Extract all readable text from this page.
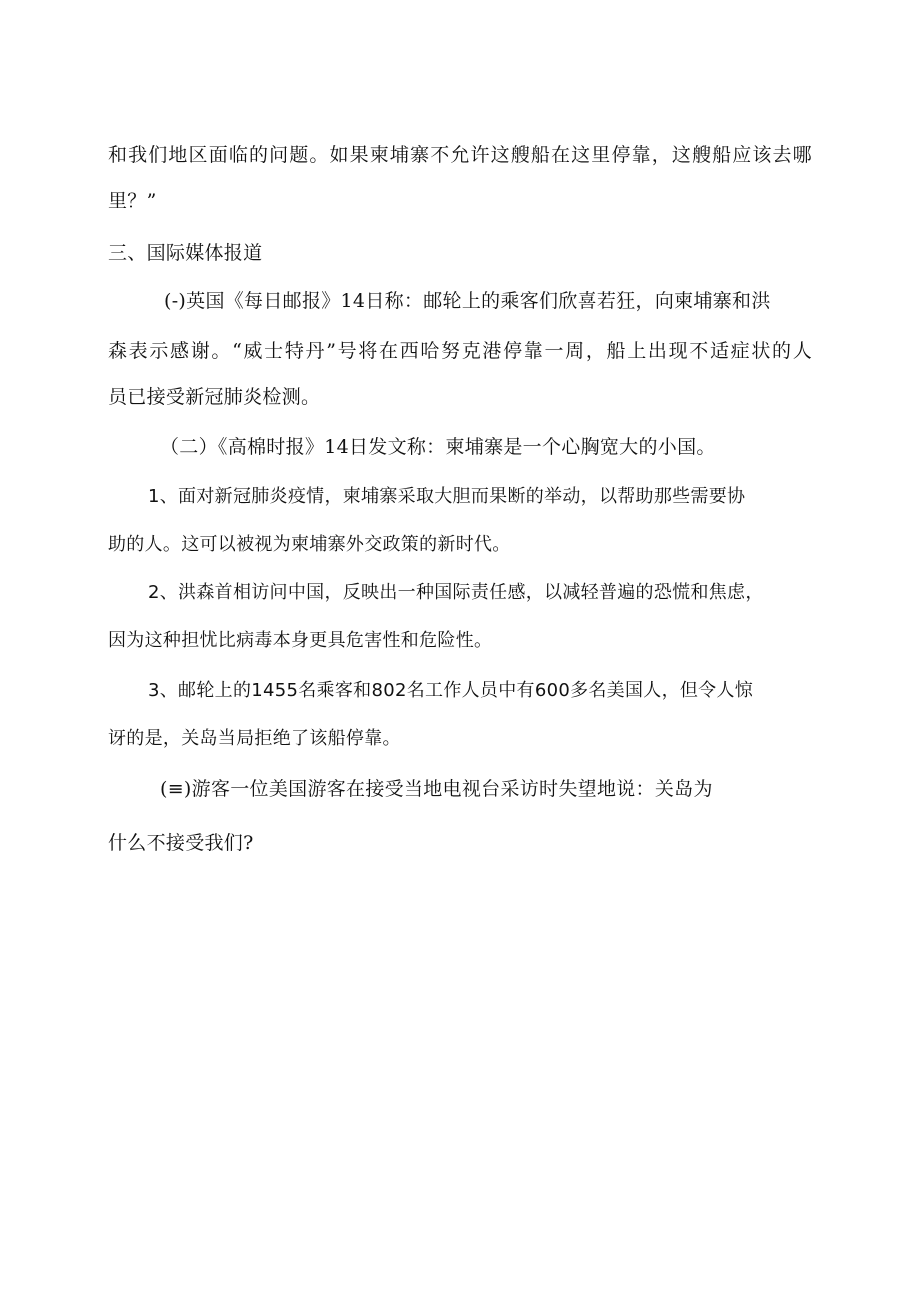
和我们地区面临的问题。如果柬埔寨不允许这艘船在这里停靠，这艘船应该去哪
里？”
三、国际媒体报道
(-)英国《每日邮报》14日称：邮轮上的乘客们欣喜若狂，向柬埔寨和洪
森表示感谢。“威士特丹”号将在西哈努克港停靠一周，船上出现不适症状的人
员已接受新冠肺炎检测。
（二）《高棉时报》14日发文称：柬埔寨是一个心胸宽大的小国。
1、面对新冠肺炎疫情，柬埔寨采取大胆而果断的举动，以帮助那些需要协
助的人。这可以被视为柬埔寨外交政策的新时代。
2、洪森首相访问中国，反映出一种国际责任感，以减轻普遍的恐慌和焦虑，
因为这种担忧比病毒本身更具危害性和危险性。
3、邮轮上的1455名乘客和802名工作人员中有600多名美国人，但令人惊
讶的是，关岛当局拒绝了该船停靠。
(≡)游客一位美国游客在接受当地电视台采访时失望地说：关岛为
什么不接受我们?
